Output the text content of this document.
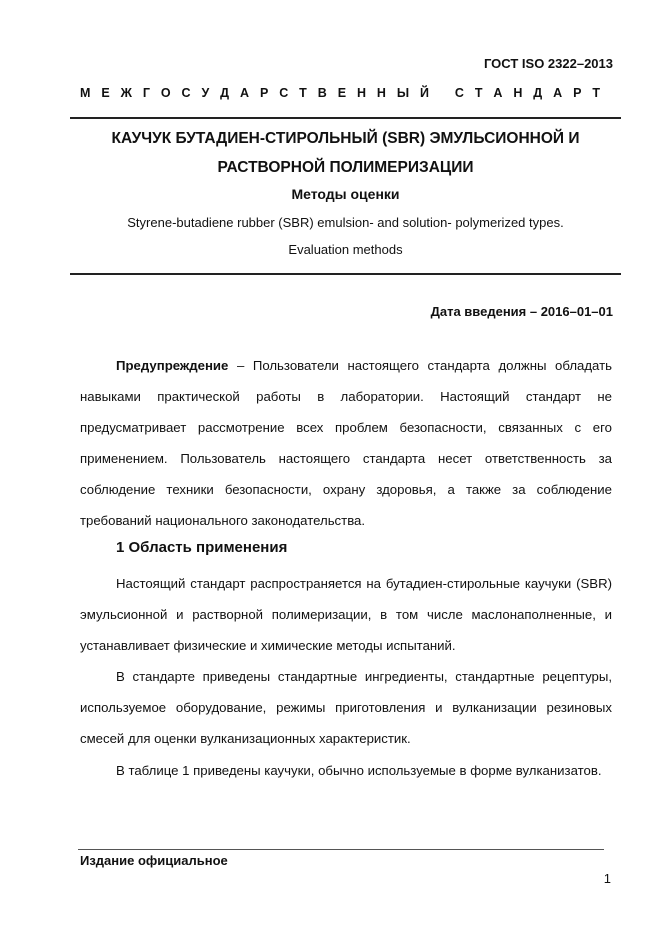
ГОСТ ISO 2322–2013
М Е Ж Г О С У Д А Р С Т В Е Н Н Ы Й С Т А Н Д А Р Т
КАУЧУК БУТАДИЕН-СТИРОЛЬНЫЙ (SBR) ЭМУЛЬСИОННОЙ И
РАСТВОРНОЙ ПОЛИМЕРИЗАЦИИ
Методы оценки
Styrene-butadiene rubber (SBR) emulsion- and solution- polymerized types.
Evaluation methods
Дата введения – 2016–01–01

Предупреждение – Пользователи настоящего стандарта должны обладать навыками практической работы в лаборатории. Настоящий стандарт не предусматривает рассмотрение всех проблем безопасности, связанных с его применением. Пользователь настоящего стандарта несет ответственность за соблюдение техники безопасности, охрану здоровья, а также за соблюдение требований национального законодательства.

1 Область применения

Настоящий стандарт распространяется на бутадиен-стирольные каучуки (SBR) эмульсионной и растворной полимеризации, в том числе маслонаполненные, и устанавливает физические и химические методы испытаний.

В стандарте приведены стандартные ингредиенты, стандартные рецептуры, используемое оборудование, режимы приготовления и вулканизации резиновых смесей для оценки вулканизационных характеристик.

В таблице 1 приведены каучуки, обычно используемые в форме вулканизатов.

Издание официальное
1
